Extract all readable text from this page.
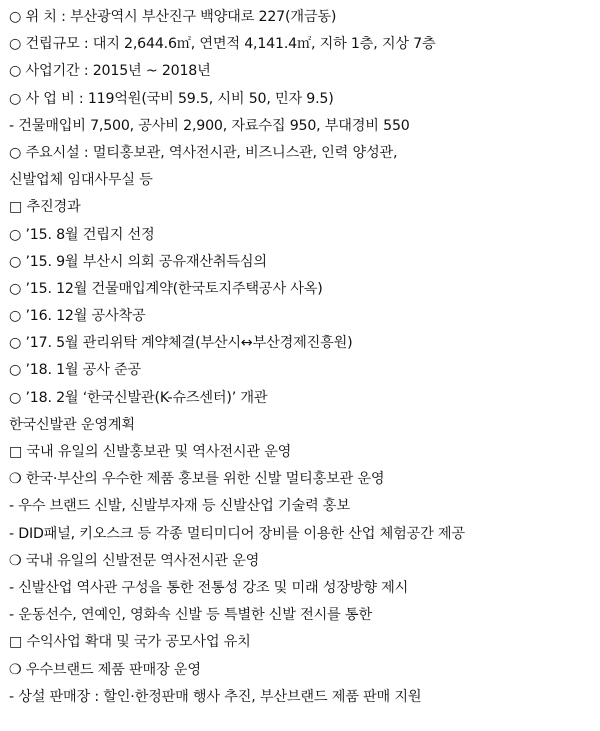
○ 위 치 : 부산광역시 부산진구 백양대로 227(개금동)
○ 건립규모 : 대지 2,644.6㎡, 연면적 4,141.4㎡, 지하 1층, 지상 7층
○ 사업기간 : 2015년 ~ 2018년
○ 사 업 비 : 119억원(국비 59.5, 시비 50, 민자 9.5)
- 건물매입비 7,500, 공사비 2,900, 자료수집 950, 부대경비 550
○ 주요시설 : 멀티홍보관, 역사전시관, 비즈니스관, 인력 양성관,
신발업체 임대사무실 등
□ 추진경과
○ ’15. 8월 건립지 선정
○ ’15. 9월 부산시 의회 공유재산취득심의
○ ’15. 12월 건물매입계약(한국토지주택공사 사옥)
○ ’16. 12월 공사착공
○ ’17. 5월 관리위탁 계약체결(부산시↔부산경제진흥원)
○ ’18. 1월 공사 준공
○ ’18. 2월 ‘한국신발관(K-슈즈센터)’ 개관
한국신발관 운영계획
□ 국내 유일의 신발홍보관 및 역사전시관 운영
❍ 한국·부산의 우수한 제품 홍보를 위한 신발 멀티홍보관 운영
- 우수 브랜드 신발, 신발부자재 등 신발산업 기술력 홍보
- DID패널, 키오스크 등 각종 멀티미디어 장비를 이용한 산업 체험공간 제공
❍ 국내 유일의 신발전문 역사전시관 운영
- 신발산업 역사관 구성을 통한 전통성 강조 및 미래 성장방향 제시
- 운동선수, 연예인, 영화속 신발 등 특별한 신발 전시를 통한
□ 수익사업 확대 및 국가 공모사업 유치
❍ 우수브랜드 제품 판매장 운영
- 상설 판매장 : 할인·한정판매 행사 추진, 부산브랜드 제품 판매 지원
